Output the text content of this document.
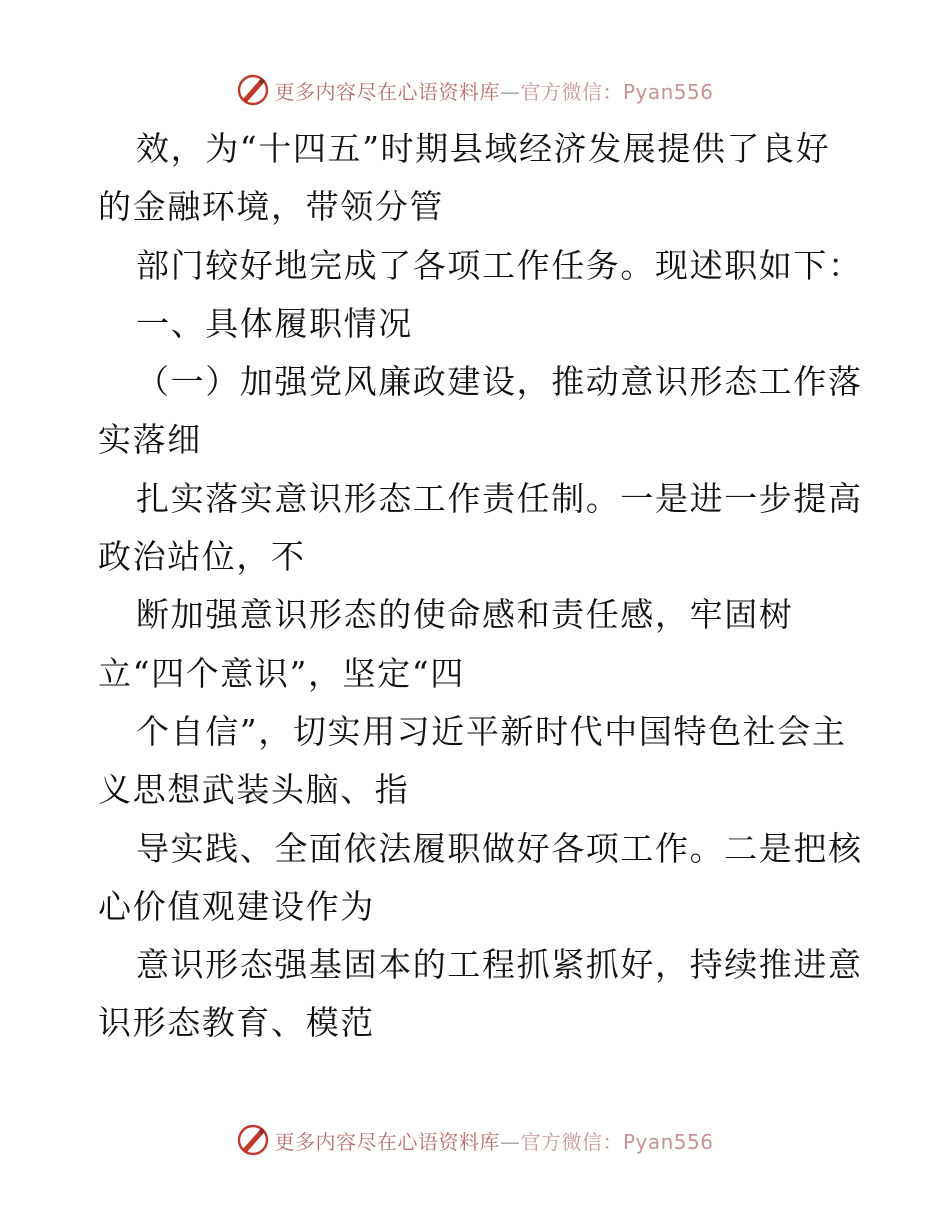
更多内容尽在心语资料库—官方微信：Pyan556
效，为“十四五”时期县域经济发展提供了良好
的金融环境，带领分管
部门较好地完成了各项工作任务。现述职如下：
一、具体履职情况
（一）加强党风廉政建设，推动意识形态工作落
实落细
扎实落实意识形态工作责任制。一是进一步提高
政治站位，不
断加强意识形态的使命感和责任感，牢固树
立“四个意识”，坚定“四
个自信”，切实用习近平新时代中国特色社会主
义思想武装头脑、指
导实践、全面依法履职做好各项工作。二是把核
心价值观建设作为
意识形态强基固本的工程抓紧抓好，持续推进意
识形态教育、模范
更多内容尽在心语资料库—官方微信：Pyan556
